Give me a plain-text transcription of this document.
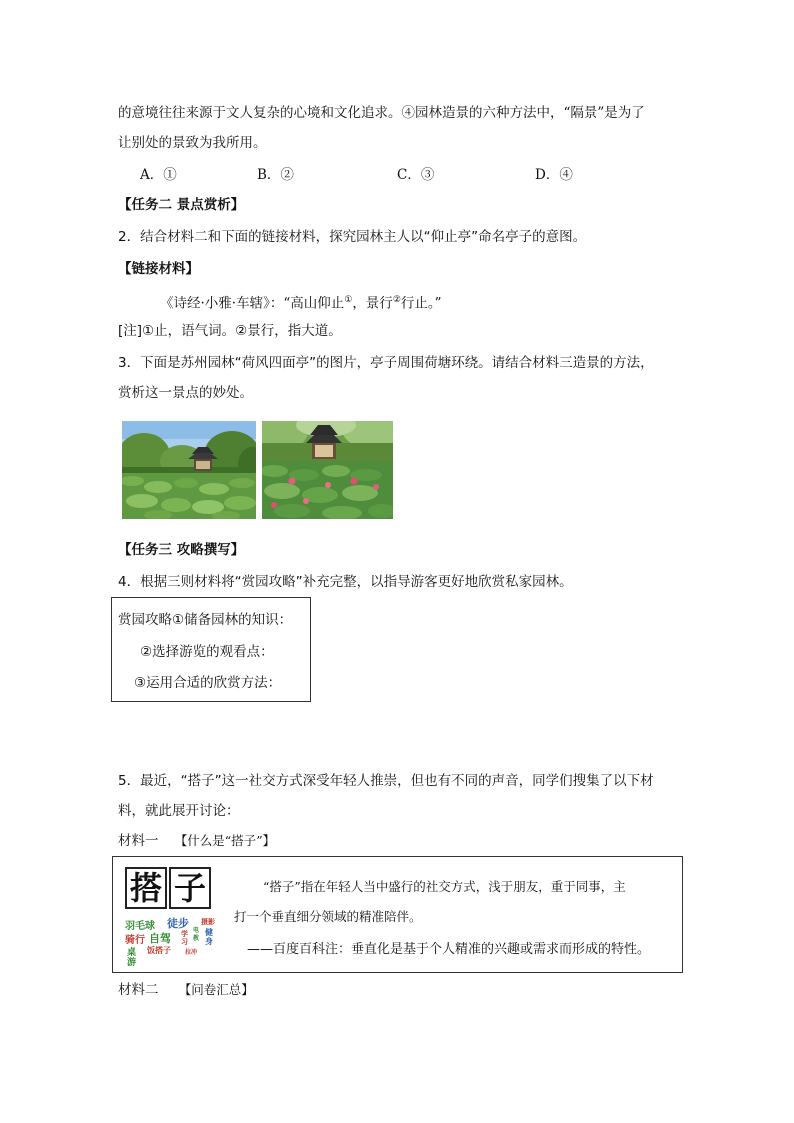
的意境往往来源于文人复杂的心境和文化追求。④园林造景的六种方法中，“隔景”是为了
让别处的景致为我所用。
A．①	B．②	C．③	D．④
【任务二 景点赏析】
2．结合材料二和下面的链接材料，探究园林主人以“仰止亭”命名亭子的意图。
【链接材料】
《诗经·小雅·车辖》：“高山仰止①，景行②行止。”
[注]①止，语气词。②景行，指大道。
3．下面是苏州园林“荷风四面亭”的图片，亭子周围荷塘环绕。请结合材料三造景的方法，
赏析这一景点的妙处。
【任务三 攻略撰写】
4．根据三则材料将“赏园攻略”补充完整，以指导游客更好地欣赏私家园林。
赏园攻略①储备园林的知识：
②选择游览的观看点：
③运用合适的欣赏方法：
5．最近，“搭子”这一社交方式深受年轻人推崇，但也有不同的声音，同学们搜集了以下材
料，就此展开讨论：
材料一 【什么是“搭子”】
搭 子
羽毛球 徒步 摄影
骑行 自驾 学
习
电
教
健
身
桌
游
饭搭子 拉冲
“搭子”指在年轻人当中盛行的社交方式，浅于朋友，重于同事，主
打一个垂直细分领域的精准陪伴。
——百度百科注：垂直化是基于个人精准的兴趣或需求而形成的特性。
材料二 【问卷汇总】
